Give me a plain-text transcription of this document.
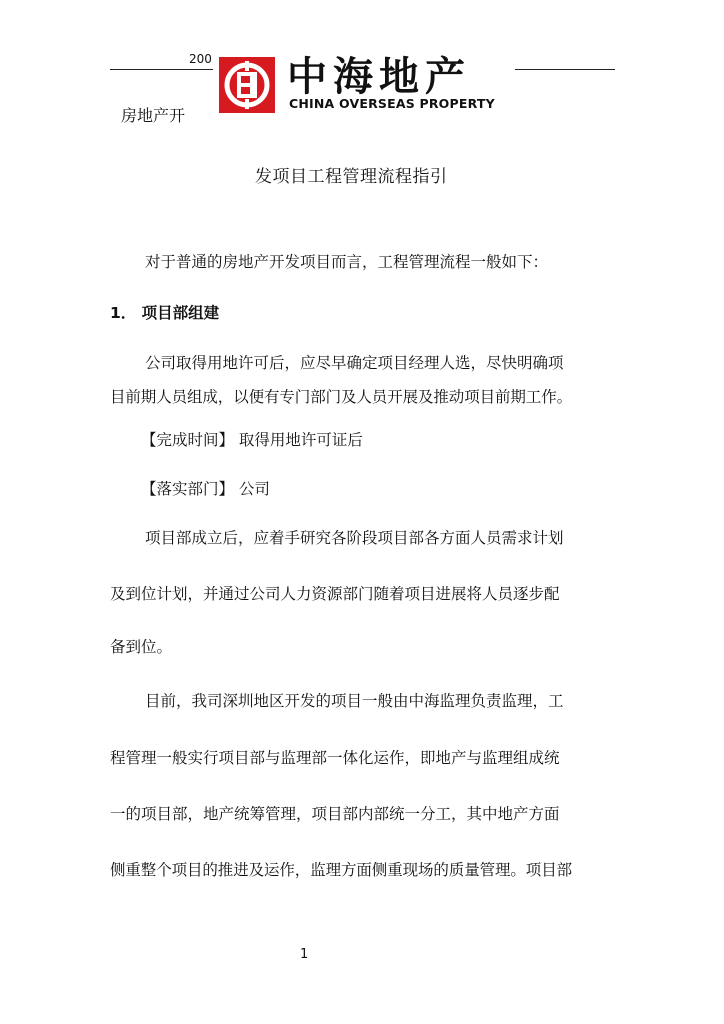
200 中海地产
CHINA OVERSEAS PROPERTY
房地产开
发项目工程管理流程指引
对于普通的房地产开发项目而言，工程管理流程一般如下：
1． 项目部组建
公司取得用地许可后，应尽早确定项目经理人选，尽快明确项
目前期人员组成，以便有专门部门及人员开展及推动项目前期工作。
【完成时间】 取得用地许可证后
【落实部门】 公司
项目部成立后，应着手研究各阶段项目部各方面人员需求计划
及到位计划，并通过公司人力资源部门随着项目进展将人员逐步配
备到位。
目前，我司深圳地区开发的项目一般由中海监理负责监理，工
程管理一般实行项目部与监理部一体化运作，即地产与监理组成统
一的项目部，地产统筹管理，项目部内部统一分工，其中地产方面
侧重整个项目的推进及运作，监理方面侧重现场的质量管理。项目部
1
